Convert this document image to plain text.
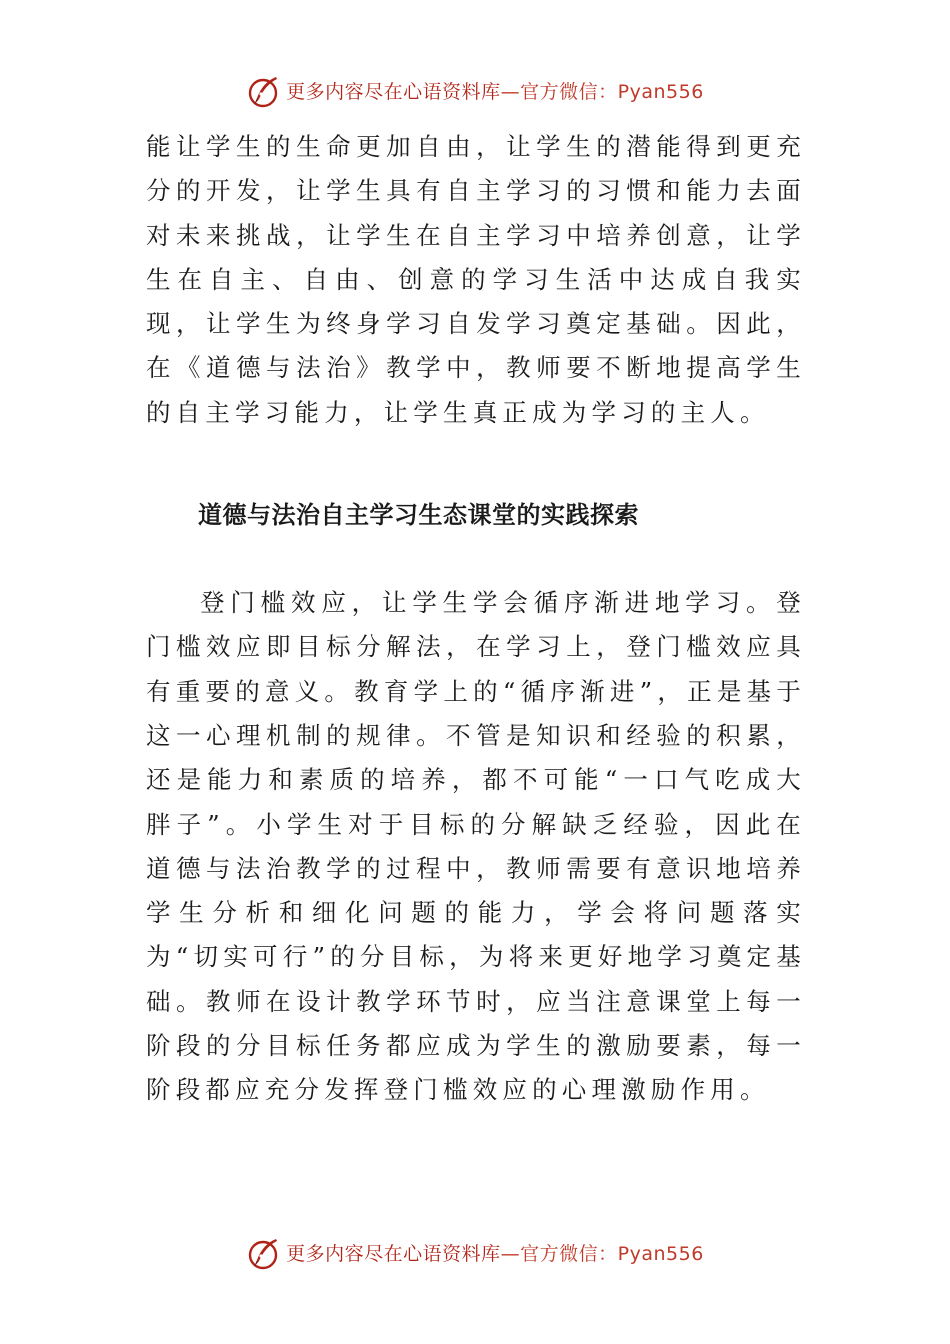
更多内容尽在心语资料库—官方微信：Pyan556

能让学生的生命更加自由，让学生的潜能得到更充分的开发，让学生具有自主学习的习惯和能力去面对未来挑战，让学生在自主学习中培养创意，让学生在自主、自由、创意的学习生活中达成自我实现，让学生为终身学习自发学习奠定基础。因此，在《道德与法治》教学中，教师要不断地提高学生的自主学习能力，让学生真正成为学习的主人。

道德与法治自主学习生态课堂的实践探索

登门槛效应，让学生学会循序渐进地学习。登门槛效应即目标分解法，在学习上，登门槛效应具有重要的意义。教育学上的“循序渐进”，正是基于这一心理机制的规律。不管是知识和经验的积累，还是能力和素质的培养，都不可能“一口气吃成大胖子”。小学生对于目标的分解缺乏经验，因此在道德与法治教学的过程中，教师需要有意识地培养学生分析和细化问题的能力，学会将问题落实为“切实可行”的分目标，为将来更好地学习奠定基础。教师在设计教学环节时，应当注意课堂上每一阶段的分目标任务都应成为学生的激励要素，每一阶段都应充分发挥登门槛效应的心理激励作用。

更多内容尽在心语资料库—官方微信：Pyan556
